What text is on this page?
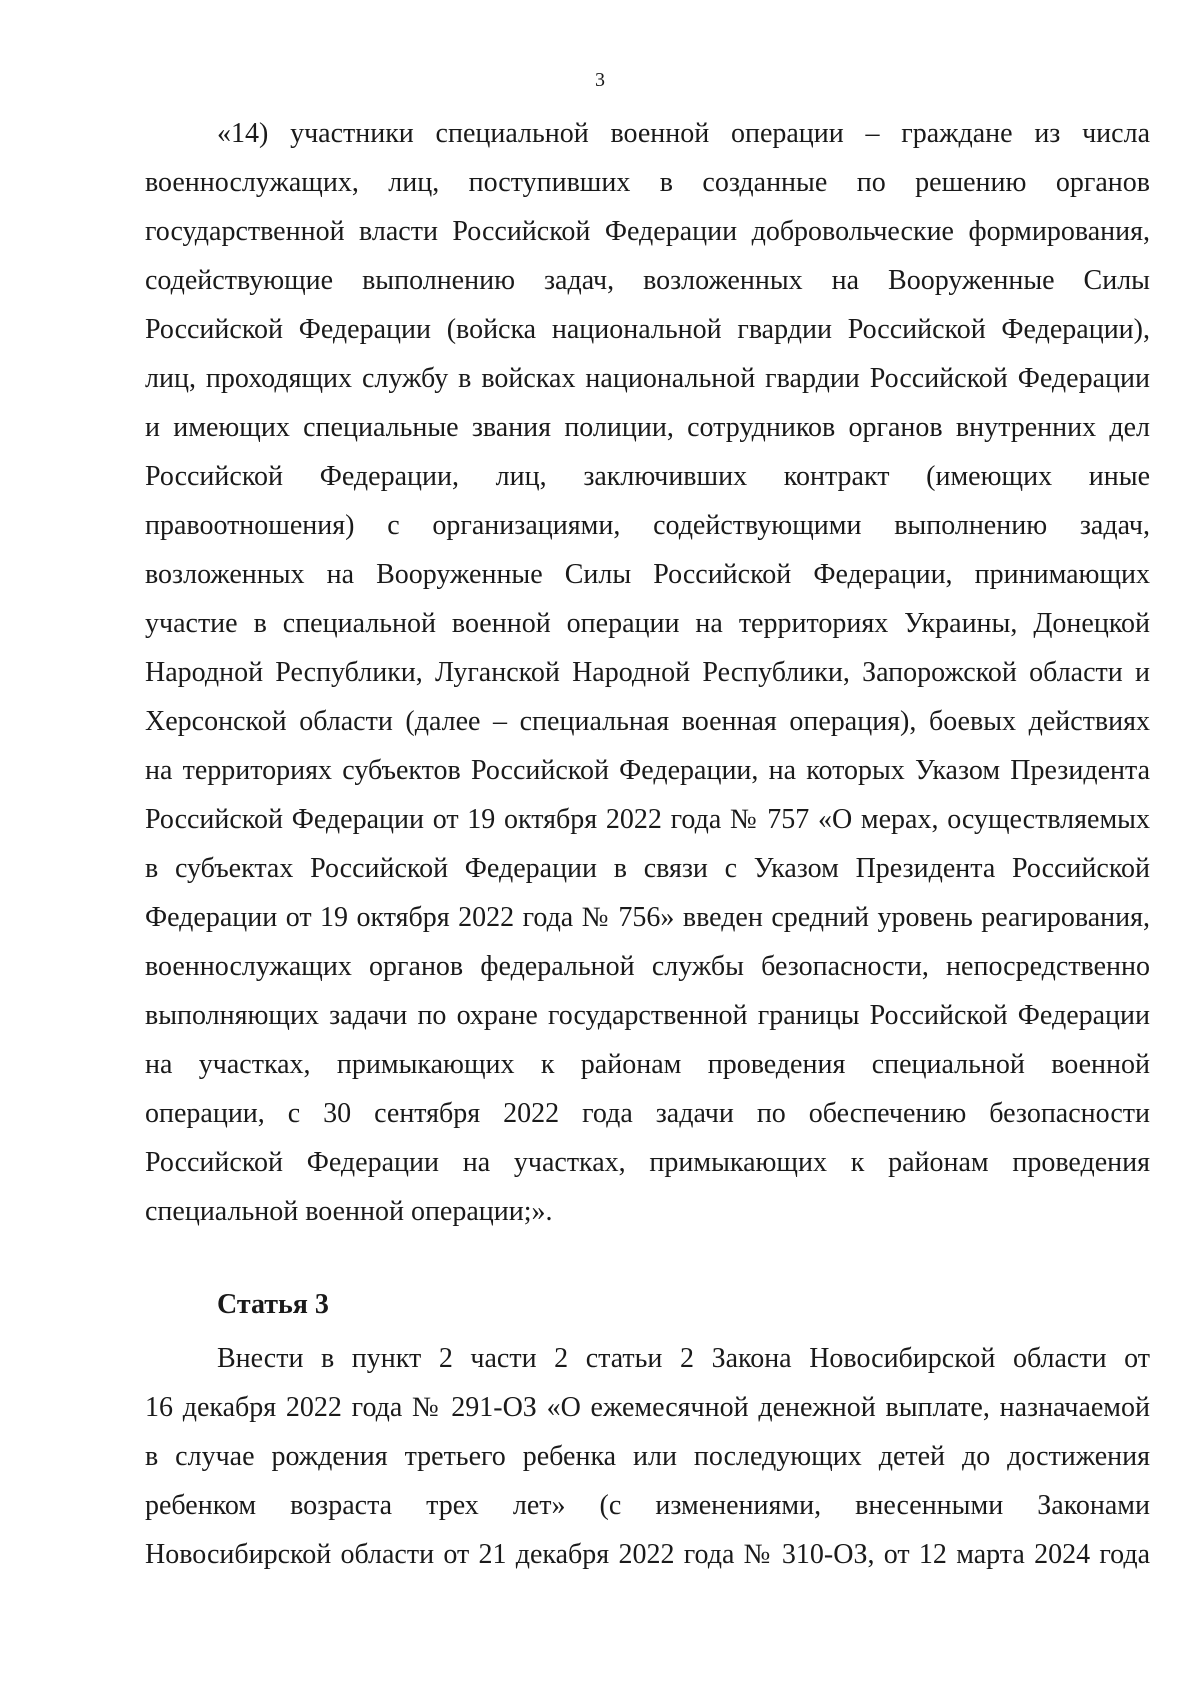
3
«14) участники специальной военной операции – граждане из числа
военнослужащих, лиц, поступивших в созданные по решению органов
государственной власти Российской Федерации добровольческие формирования,
содействующие выполнению задач, возложенных на Вооруженные Силы
Российской Федерации (войска национальной гвардии Российской Федерации),
лиц, проходящих службу в войсках национальной гвардии Российской Федерации
и имеющих специальные звания полиции, сотрудников органов внутренних дел
Российской Федерации, лиц, заключивших контракт (имеющих иные
правоотношения) с организациями, содействующими выполнению задач,
возложенных на Вооруженные Силы Российской Федерации, принимающих
участие в специальной военной операции на территориях Украины, Донецкой
Народной Республики, Луганской Народной Республики, Запорожской области и
Херсонской области (далее – специальная военная операция), боевых действиях
на территориях субъектов Российской Федерации, на которых Указом Президента
Российской Федерации от 19 октября 2022 года № 757 «О мерах, осуществляемых
в субъектах Российской Федерации в связи с Указом Президента Российской
Федерации от 19 октября 2022 года № 756» введен средний уровень реагирования,
военнослужащих органов федеральной службы безопасности, непосредственно
выполняющих задачи по охране государственной границы Российской Федерации
на участках, примыкающих к районам проведения специальной военной
операции, с 30 сентября 2022 года задачи по обеспечению безопасности
Российской Федерации на участках, примыкающих к районам проведения
специальной военной операции;».
Статья 3
Внести в пункт 2 части 2 статьи 2 Закона Новосибирской области от
16 декабря 2022 года № 291-ОЗ «О ежемесячной денежной выплате, назначаемой
в случае рождения третьего ребенка или последующих детей до достижения
ребенком возраста трех лет» (с изменениями, внесенными Законами
Новосибирской области от 21 декабря 2022 года № 310-ОЗ, от 12 марта 2024 года
